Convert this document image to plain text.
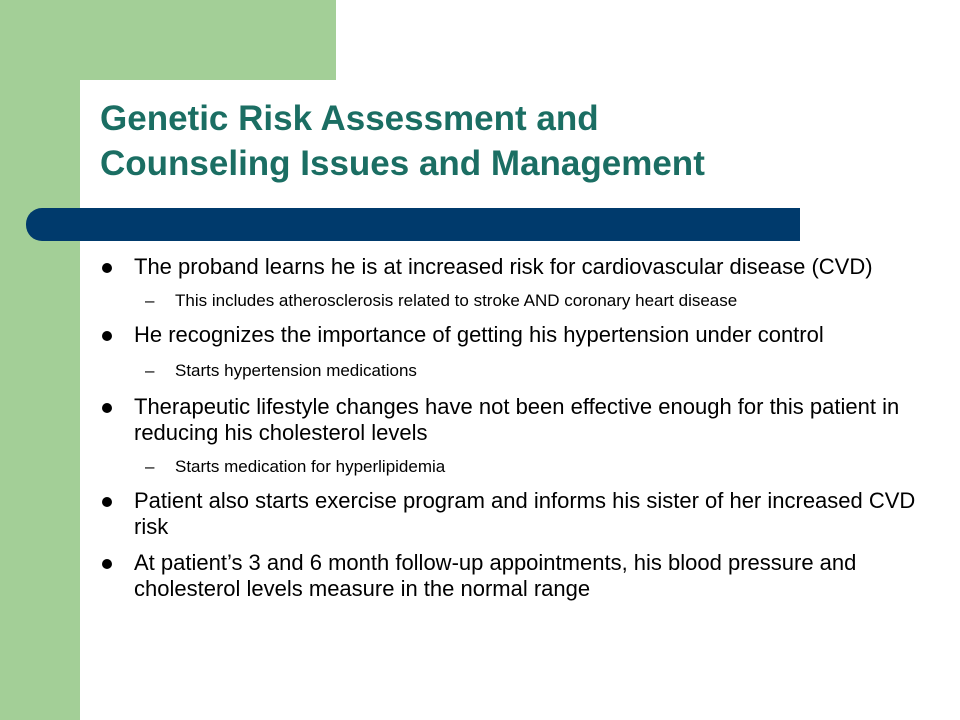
Genetic Risk Assessment and
Counseling Issues and Management
The proband learns he is at increased risk for cardiovascular disease (CVD)
– This includes atherosclerosis related to stroke AND coronary heart disease
He recognizes the importance of getting his hypertension under control
– Starts hypertension medications
Therapeutic lifestyle changes have not been effective enough for this patient in reducing his cholesterol levels
– Starts medication for hyperlipidemia
Patient also starts exercise program and informs his sister of her increased CVD risk
At patient’s 3 and 6 month follow-up appointments, his blood pressure and cholesterol levels measure in the normal range
